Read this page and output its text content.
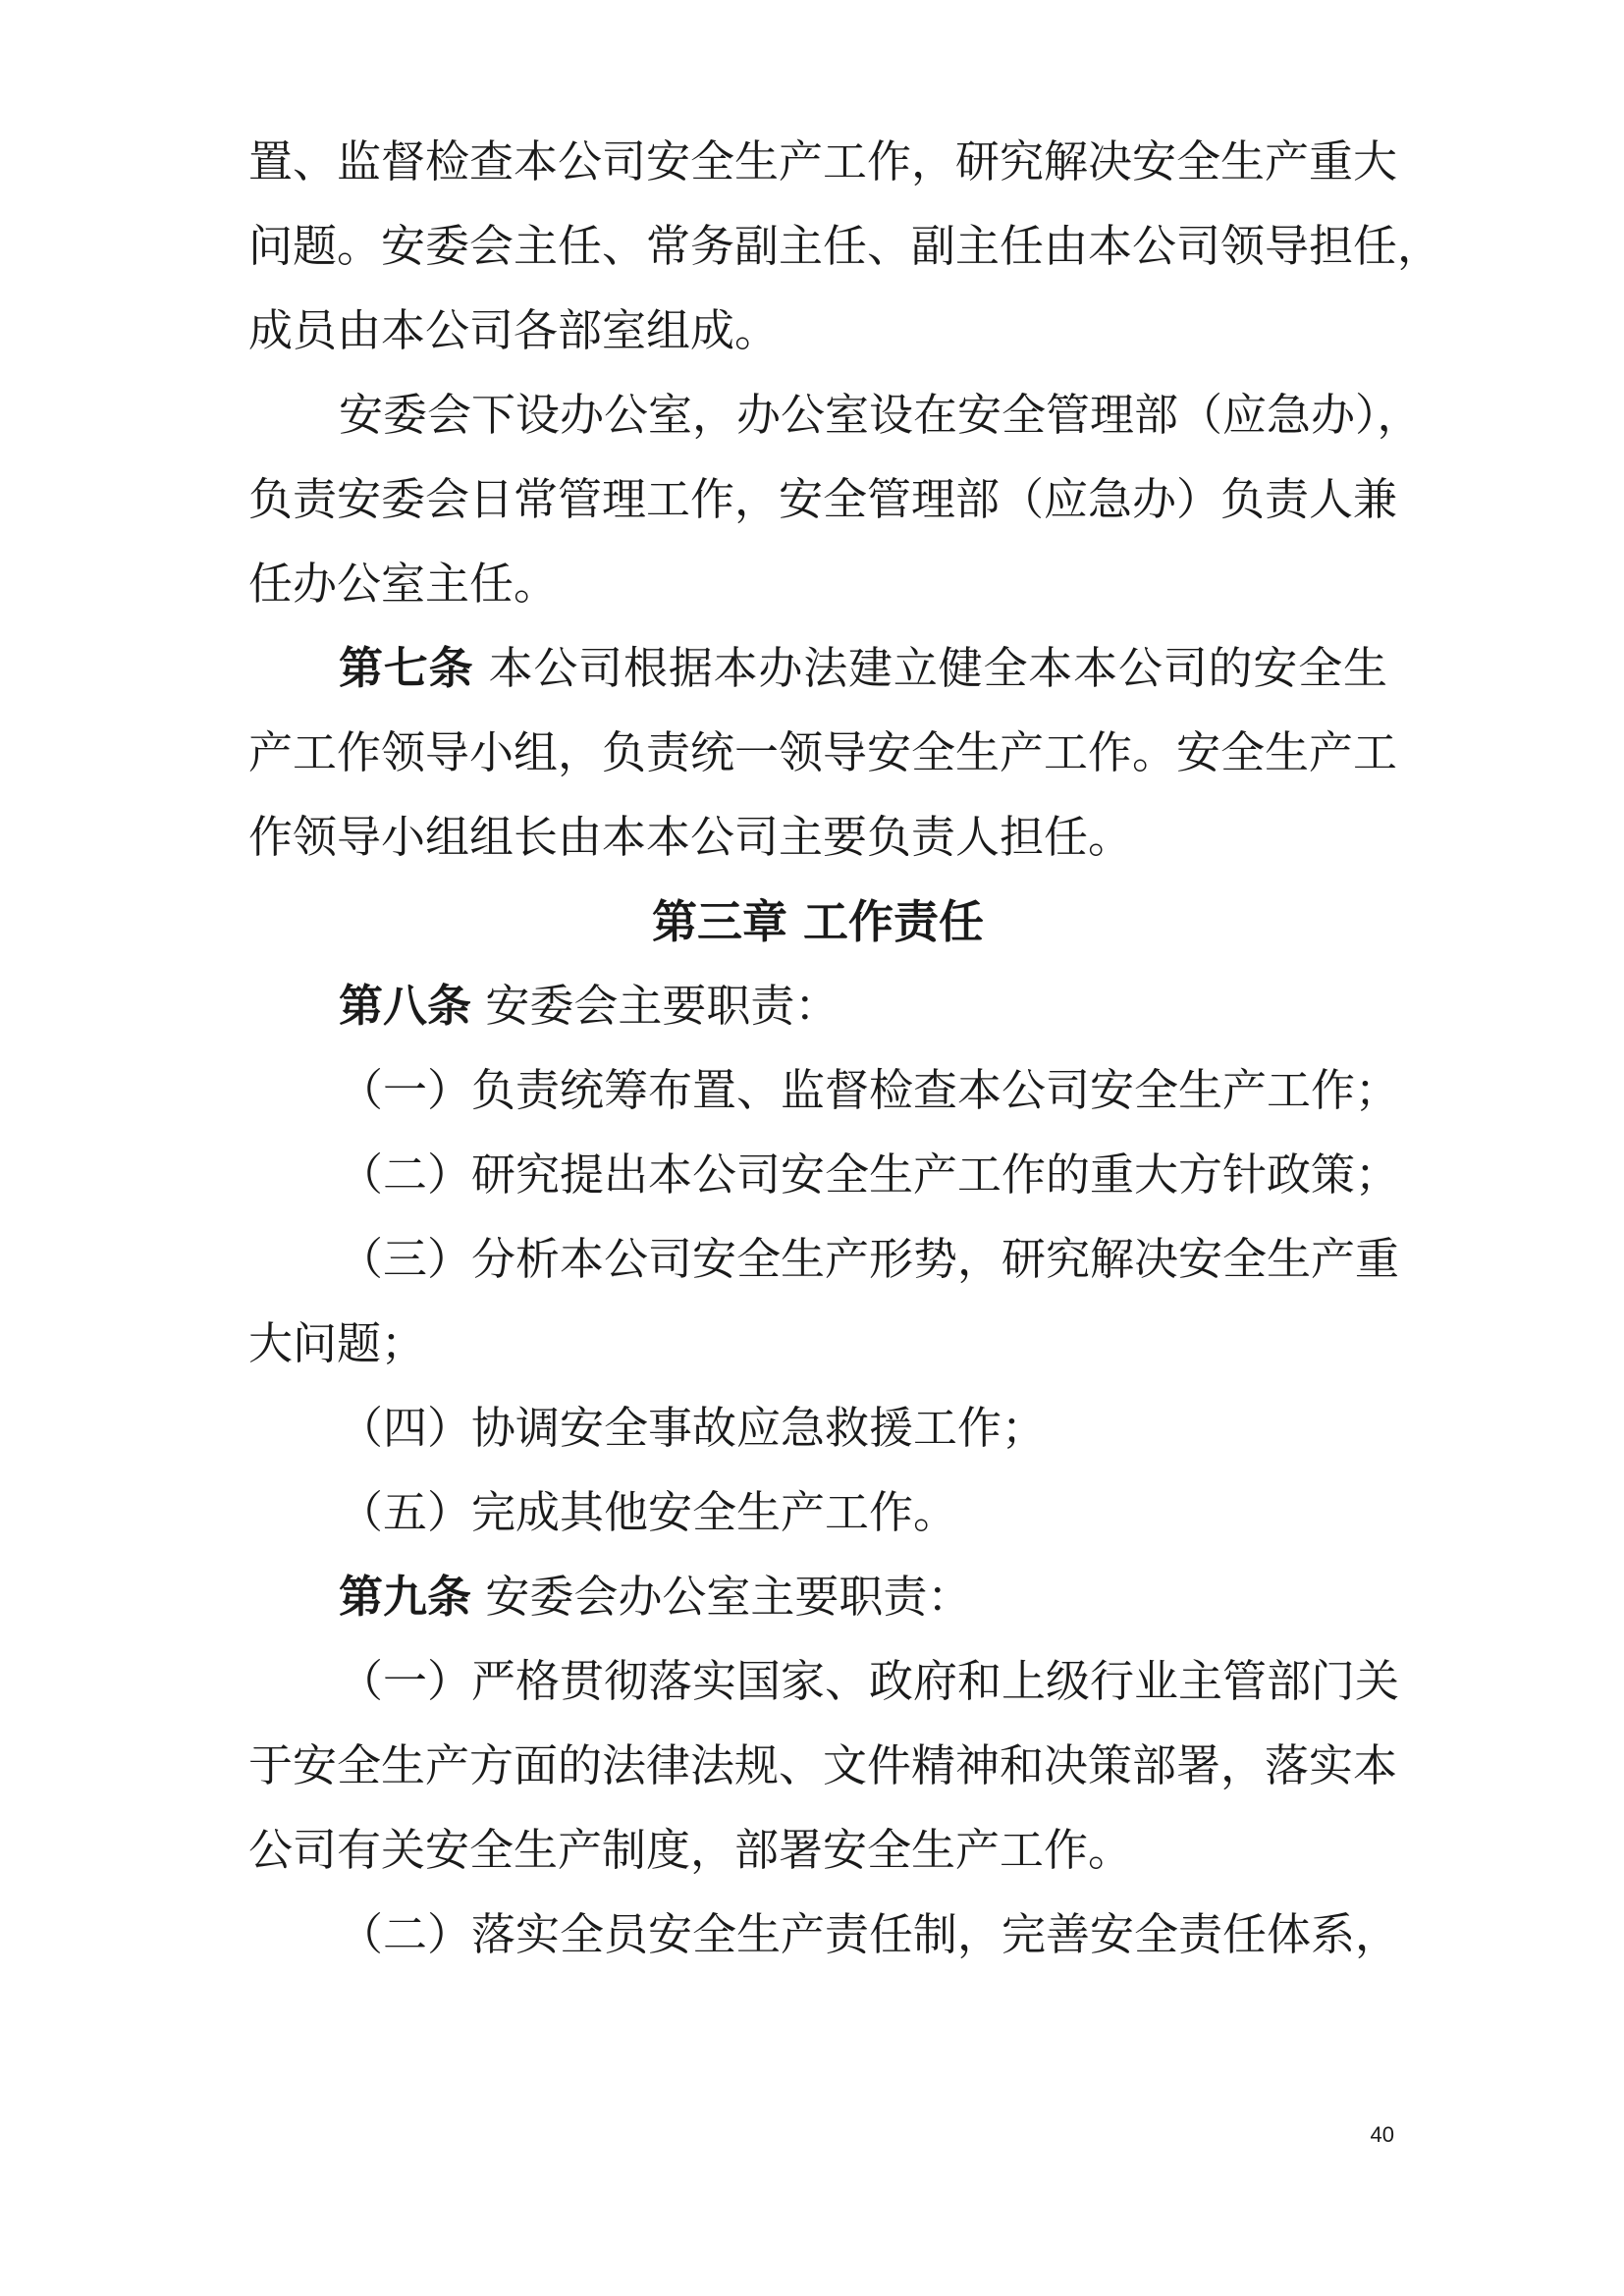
置、监督检查本公司安全生产工作，研究解决安全生产重大
问题。安委会主任、常务副主任、副主任由本公司领导担任，
成员由本公司各部室组成。
安委会下设办公室，办公室设在安全管理部（应急办），
负责安委会日常管理工作，安全管理部（应急办）负责人兼
任办公室主任。
第七条 本公司根据本办法建立健全本本公司的安全生
产工作领导小组，负责统一领导安全生产工作。安全生产工
作领导小组组长由本本公司主要负责人担任。
第三章 工作责任
第八条 安委会主要职责：
（一）负责统筹布置、监督检查本公司安全生产工作；
（二）研究提出本公司安全生产工作的重大方针政策；
（三）分析本公司安全生产形势，研究解决安全生产重
大问题；
（四）协调安全事故应急救援工作；
（五）完成其他安全生产工作。
第九条 安委会办公室主要职责：
（一）严格贯彻落实国家、政府和上级行业主管部门关
于安全生产方面的法律法规、文件精神和决策部署，落实本
公司有关安全生产制度，部署安全生产工作。
（二）落实全员安全生产责任制，完善安全责任体系，
40
